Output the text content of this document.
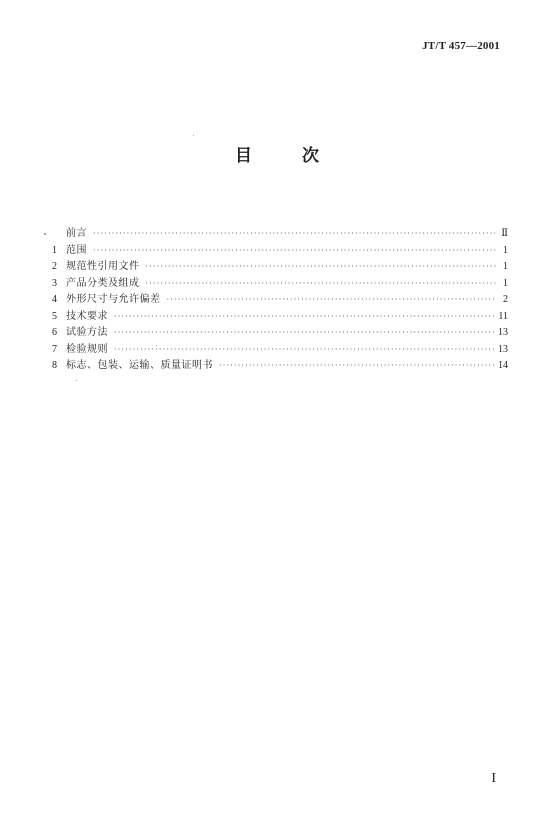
JT/T 457—2001
目 次
前言 ·····	Ⅱ
1 范围 ·····	1
2 规范性引用文件 ·····	1
3 产品分类及组成 ·····	1
4 外形尺寸与允许偏差 ·····	2
5 技术要求 ·····	11
6 试验方法 ·····	13
7 检验规则 ·····	13
8 标志、包装、运输、质量证明书 ·····	14
I
